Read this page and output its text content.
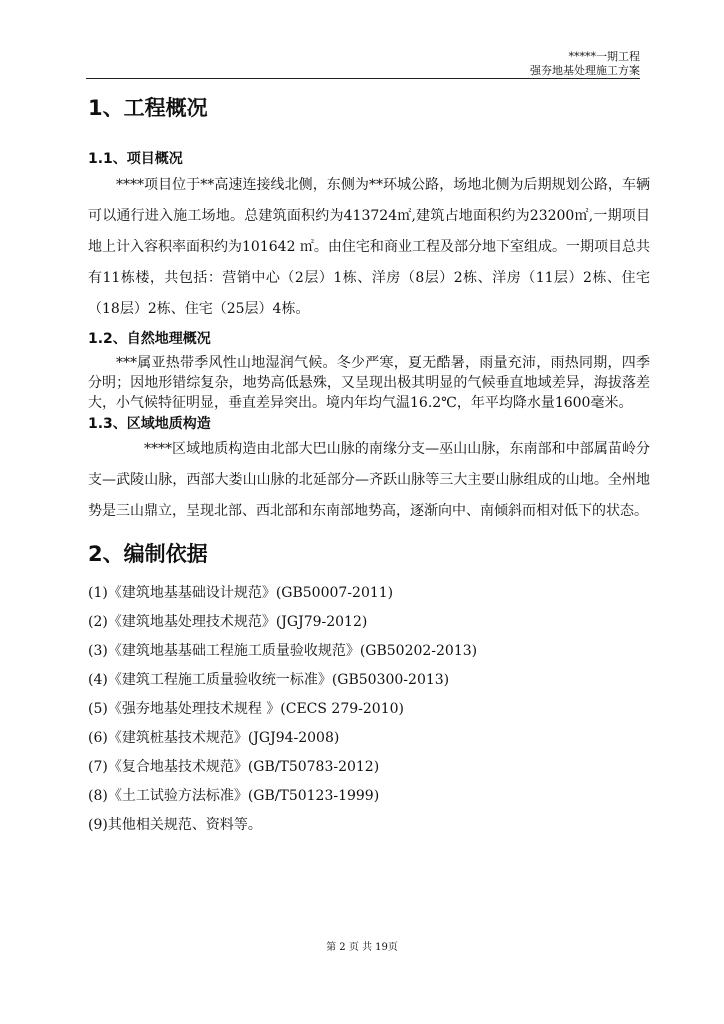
*****一期工程
强夯地基处理施工方案
1、工程概况
1.1、项目概况
****项目位于**高速连接线北侧，东侧为**环城公路，场地北侧为后期规划公路，车辆可以通行进入施工场地。总建筑面积约为413724㎡,建筑占地面积约为23200㎡,一期项目地上计入容积率面积约为101642 ㎡。由住宅和商业工程及部分地下室组成。一期项目总共有11栋楼，共包括：营销中心（2层）1栋、洋房（8层）2栋、洋房（11层）2栋、住宅（18层）2栋、住宅（25层）4栋。
1.2、自然地理概况
***属亚热带季风性山地湿润气候。冬少严寒，夏无酷暑，雨量充沛，雨热同期，四季分明；因地形错综复杂，地势高低悬殊，又呈现出极其明显的气候垂直地域差异，海拔落差大，小气候特征明显，垂直差异突出。境内年均气温16.2℃，年平均降水量1600毫米。
1.3、区域地质构造
****区域地质构造由北部大巴山脉的南缘分支—巫山山脉，东南部和中部属苗岭分支—武陵山脉，西部大娄山山脉的北延部分—齐跃山脉等三大主要山脉组成的山地。全州地势是三山鼎立，呈现北部、西北部和东南部地势高，逐渐向中、南倾斜而相对低下的状态。
2、编制依据
(1)《建筑地基基础设计规范》(GB50007-2011)
(2)《建筑地基处理技术规范》(JGJ79-2012)
(3)《建筑地基基础工程施工质量验收规范》(GB50202-2013)
(4)《建筑工程施工质量验收统一标准》(GB50300-2013)
(5)《强夯地基处理技术规程 》(CECS 279-2010)
(6)《建筑桩基技术规范》(JGJ94-2008)
(7)《复合地基技术规范》(GB/T50783-2012)
(8)《土工试验方法标准》(GB/T50123-1999)
(9)其他相关规范、资料等。
第 2 页 共 19页
